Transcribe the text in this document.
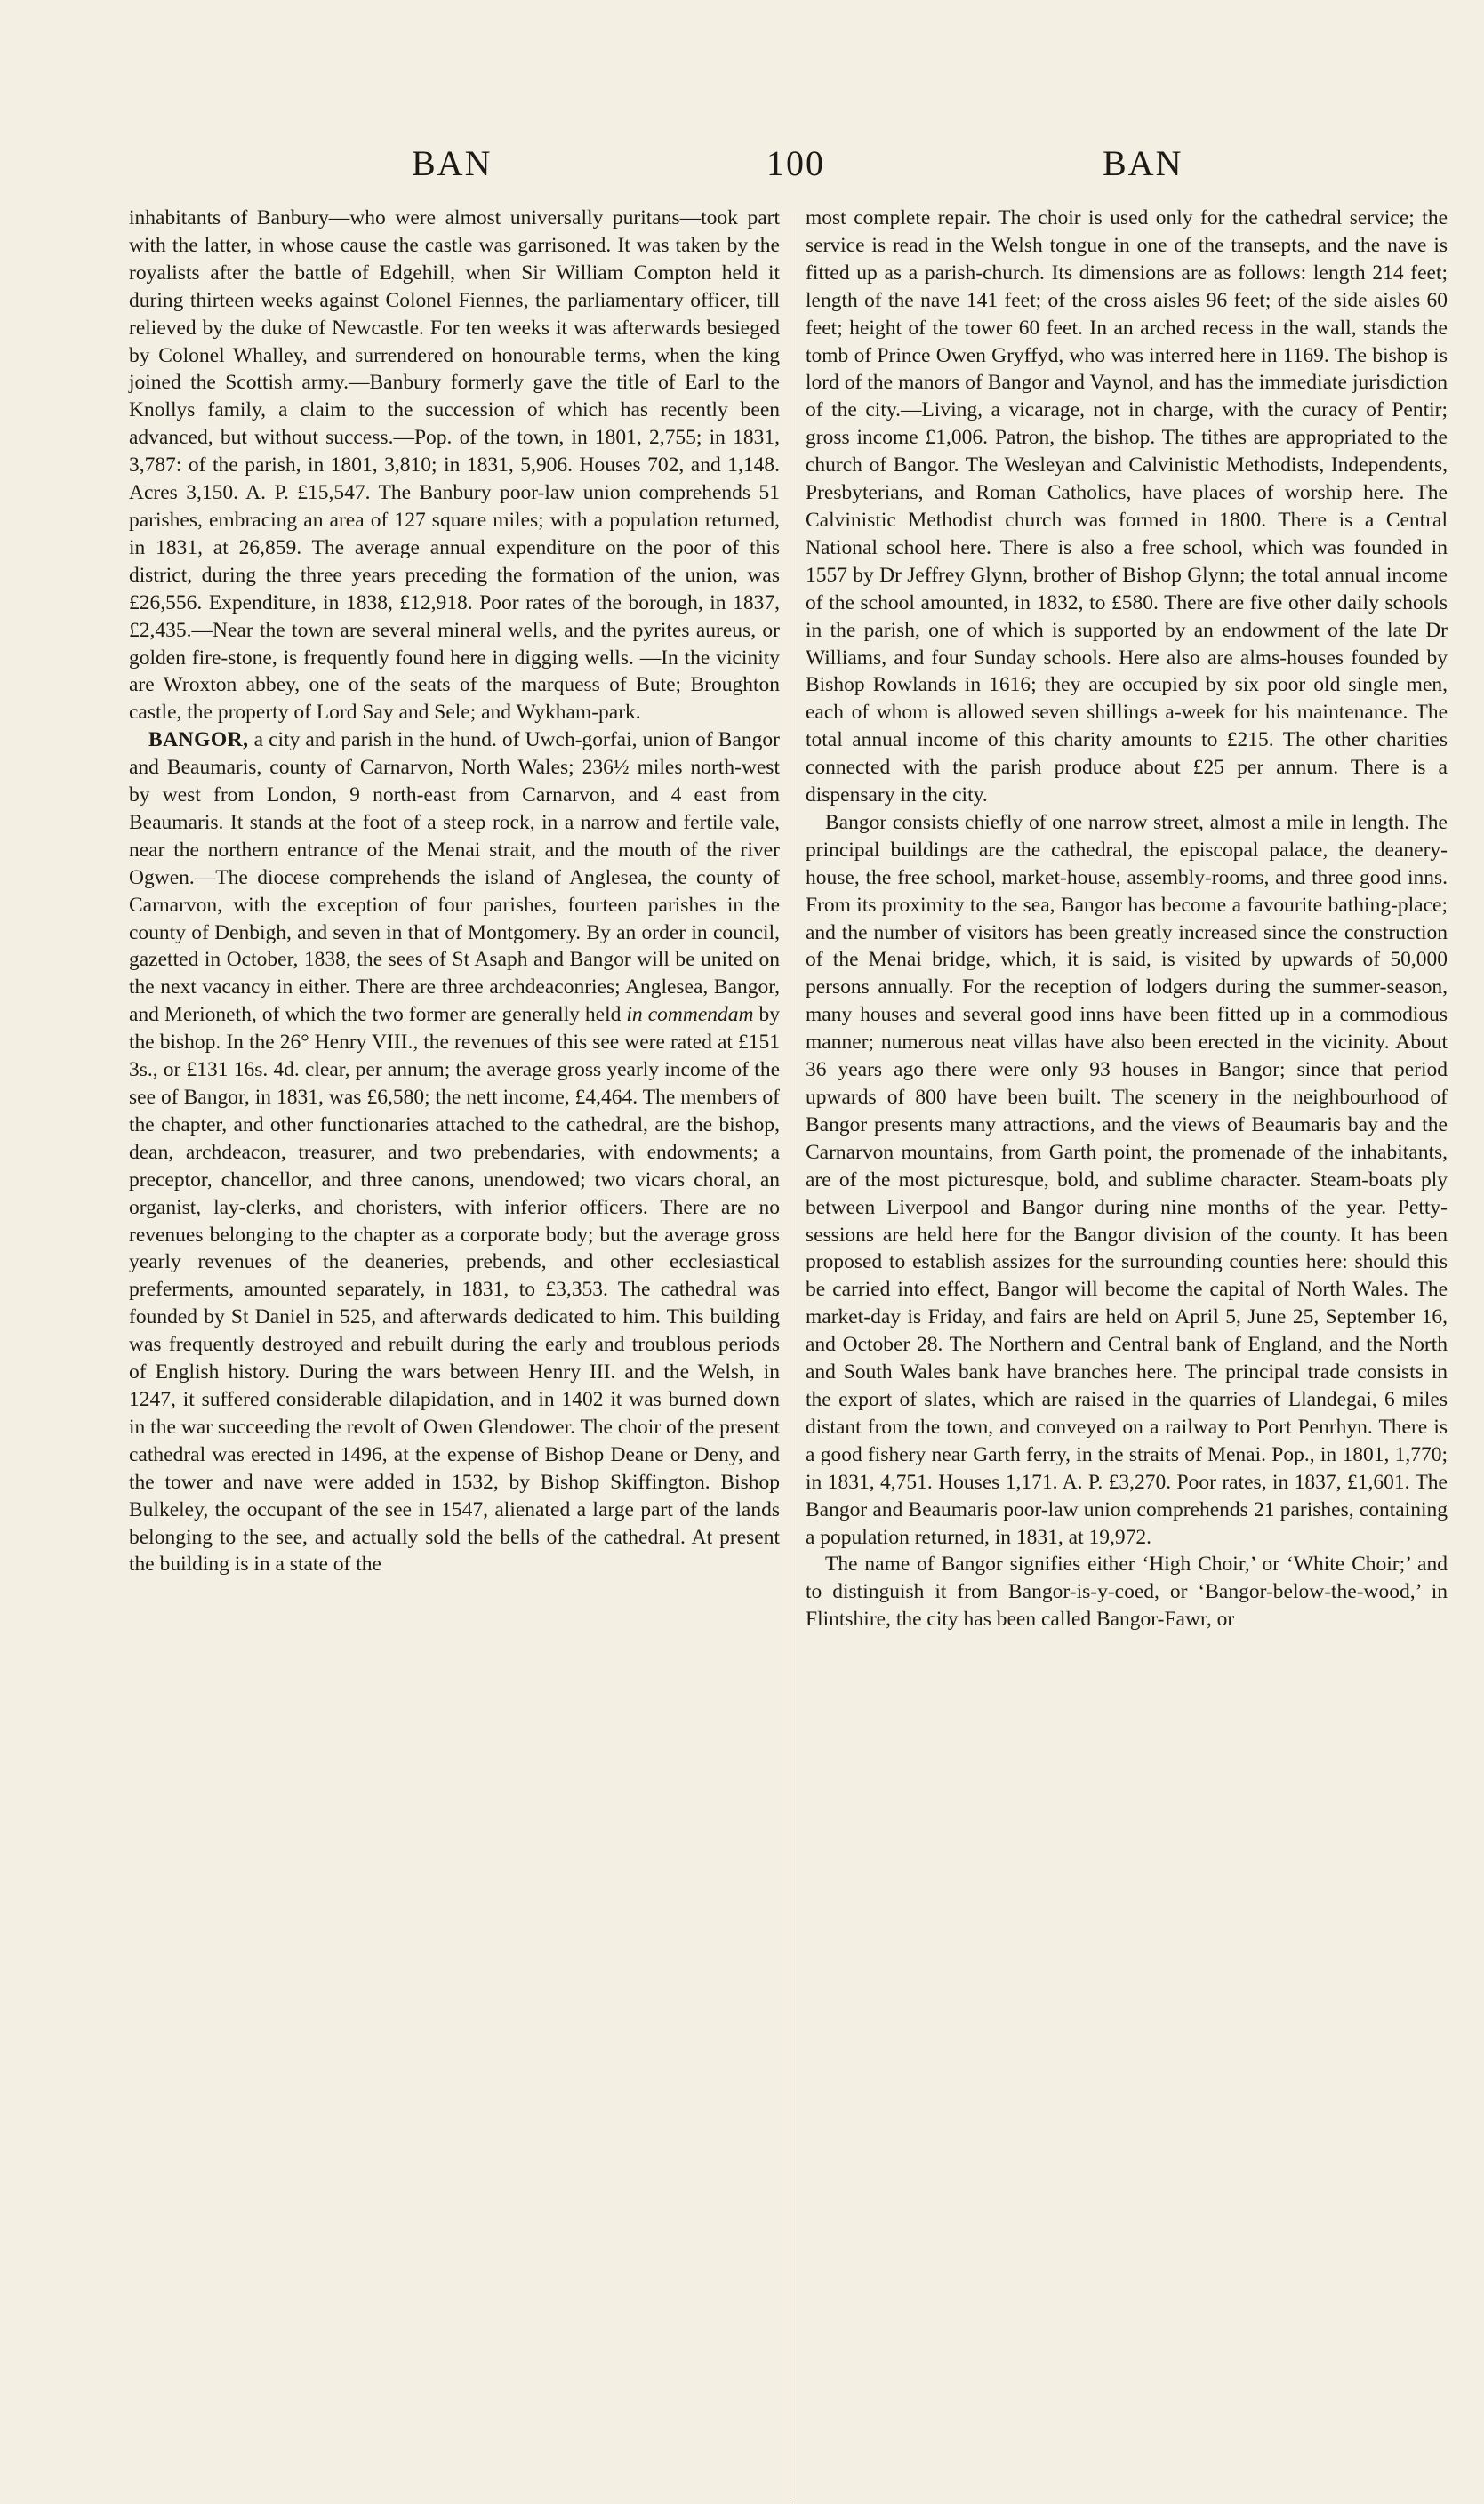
BAN	100	BAN

inhabitants of Banbury—who were almost universally puritans—took part with the latter, in whose cause the castle was garrisoned. It was taken by the royalists after the battle of Edgehill, when Sir William Compton held it during thirteen weeks against Colonel Fiennes, the parliamentary officer, till relieved by the duke of Newcastle. For ten weeks it was afterwards besieged by Colonel Whalley, and surrendered on honourable terms, when the king joined the Scottish army.—Banbury formerly gave the title of Earl to the Knollys family, a claim to the succession of which has recently been advanced, but without success.—Pop. of the town, in 1801, 2,755; in 1831, 3,787: of the parish, in 1801, 3,810; in 1831, 5,906. Houses 702, and 1,148. Acres 3,150. A. P. £15,547. The Banbury poor-law union comprehends 51 parishes, embracing an area of 127 square miles; with a population returned, in 1831, at 26,859. The average annual expenditure on the poor of this district, during the three years preceding the formation of the union, was £26,556. Expenditure, in 1838, £12,918. Poor rates of the borough, in 1837, £2,435.—Near the town are several mineral wells, and the pyrites aureus, or golden fire-stone, is frequently found here in digging wells. —In the vicinity are Wroxton abbey, one of the seats of the marquess of Bute; Broughton castle, the property of Lord Say and Sele; and Wykham-park.

BANGOR, a city and parish in the hund. of Uwch-gorfai, union of Bangor and Beaumaris, county of Carnarvon, North Wales; 236½ miles north-west by west from London, 9 north-east from Carnarvon, and 4 east from Beaumaris. It stands at the foot of a steep rock, in a narrow and fertile vale, near the northern entrance of the Menai strait, and the mouth of the river Ogwen.—The diocese comprehends the island of Anglesea, the county of Carnarvon, with the exception of four parishes, fourteen parishes in the county of Denbigh, and seven in that of Montgomery. By an order in council, gazetted in October, 1838, the sees of St Asaph and Bangor will be united on the next vacancy in either. There are three archdeaconries; Anglesea, Bangor, and Merioneth, of which the two former are generally held in commendam by the bishop. In the 26° Henry VIII., the revenues of this see were rated at £151 3s., or £131 16s. 4d. clear, per annum; the average gross yearly income of the see of Bangor, in 1831, was £6,580; the nett income, £4,464. The members of the chapter, and other functionaries attached to the cathedral, are the bishop, dean, archdeacon, treasurer, and two prebendaries, with endowments; a preceptor, chancellor, and three canons, unendowed; two vicars choral, an organist, lay-clerks, and choristers, with inferior officers. There are no revenues belonging to the chapter as a corporate body; but the average gross yearly revenues of the deaneries, prebends, and other ecclesiastical preferments, amounted separately, in 1831, to £3,353. The cathedral was founded by St Daniel in 525, and afterwards dedicated to him. This building was frequently destroyed and rebuilt during the early and troublous periods of English history. During the wars between Henry III. and the Welsh, in 1247, it suffered considerable dilapidation, and in 1402 it was burned down in the war succeeding the revolt of Owen Glendower. The choir of the present cathedral was erected in 1496, at the expense of Bishop Deane or Deny, and the tower and nave were added in 1532, by Bishop Skiffington. Bishop Bulkeley, the occupant of the see in 1547, alienated a large part of the lands belonging to the see, and actually sold the bells of the cathedral. At present the building is in a state of the

most complete repair. The choir is used only for the cathedral service; the service is read in the Welsh tongue in one of the transepts, and the nave is fitted up as a parish-church. Its dimensions are as follows: length 214 feet; length of the nave 141 feet; of the cross aisles 96 feet; of the side aisles 60 feet; height of the tower 60 feet. In an arched recess in the wall, stands the tomb of Prince Owen Gryffyd, who was interred here in 1169. The bishop is lord of the manors of Bangor and Vaynol, and has the immediate jurisdiction of the city.—Living, a vicarage, not in charge, with the curacy of Pentir; gross income £1,006. Patron, the bishop. The tithes are appropriated to the church of Bangor. The Wesleyan and Calvinistic Methodists, Independents, Presbyterians, and Roman Catholics, have places of worship here. The Calvinistic Methodist church was formed in 1800. There is a Central National school here. There is also a free school, which was founded in 1557 by Dr Jeffrey Glynn, brother of Bishop Glynn; the total annual income of the school amounted, in 1832, to £580. There are five other daily schools in the parish, one of which is supported by an endowment of the late Dr Williams, and four Sunday schools. Here also are alms-houses founded by Bishop Rowlands in 1616; they are occupied by six poor old single men, each of whom is allowed seven shillings a-week for his maintenance. The total annual income of this charity amounts to £215. The other charities connected with the parish produce about £25 per annum. There is a dispensary in the city.

Bangor consists chiefly of one narrow street, almost a mile in length. The principal buildings are the cathedral, the episcopal palace, the deanery-house, the free school, market-house, assembly-rooms, and three good inns. From its proximity to the sea, Bangor has become a favourite bathing-place; and the number of visitors has been greatly increased since the construction of the Menai bridge, which, it is said, is visited by upwards of 50,000 persons annually. For the reception of lodgers during the summer-season, many houses and several good inns have been fitted up in a commodious manner; numerous neat villas have also been erected in the vicinity. About 36 years ago there were only 93 houses in Bangor; since that period upwards of 800 have been built. The scenery in the neighbourhood of Bangor presents many attractions, and the views of Beaumaris bay and the Carnarvon mountains, from Garth point, the promenade of the inhabitants, are of the most picturesque, bold, and sublime character. Steam-boats ply between Liverpool and Bangor during nine months of the year. Petty-sessions are held here for the Bangor division of the county. It has been proposed to establish assizes for the surrounding counties here: should this be carried into effect, Bangor will become the capital of North Wales. The market-day is Friday, and fairs are held on April 5, June 25, September 16, and October 28. The Northern and Central bank of England, and the North and South Wales bank have branches here. The principal trade consists in the export of slates, which are raised in the quarries of Llandegai, 6 miles distant from the town, and conveyed on a railway to Port Penrhyn. There is a good fishery near Garth ferry, in the straits of Menai. Pop., in 1801, 1,770; in 1831, 4,751. Houses 1,171. A. P. £3,270. Poor rates, in 1837, £1,601. The Bangor and Beaumaris poor-law union comprehends 21 parishes, containing a population returned, in 1831, at 19,972.

The name of Bangor signifies either ‘High Choir,’ or ‘White Choir;’ and to distinguish it from Bangor-is-y-coed, or ‘Bangor-below-the-wood,’ in Flintshire, the city has been called Bangor-Fawr, or
